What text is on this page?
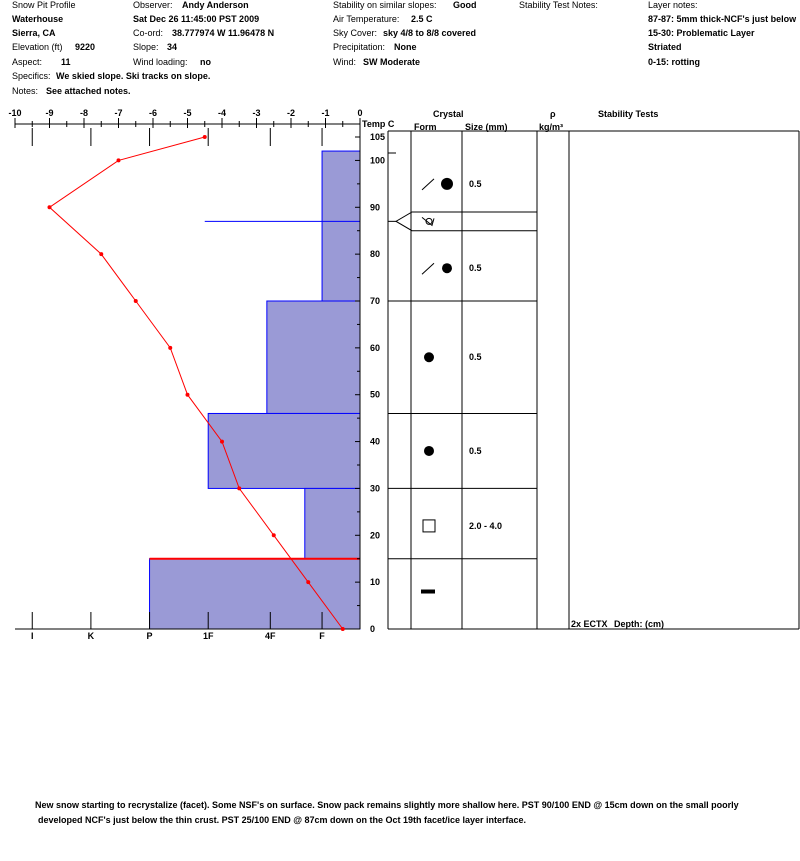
Snow Pit Profile
Waterhouse
Sierra, CA
Elevation (ft) 9220
Aspect: 11
Specifics: We skied slope. Ski tracks on slope.
Notes: See attached notes.
Observer: Andy Anderson
Sat Dec 26 11:45:00 PST 2009
Co-ord: 38.777974 W 11.96478 N
Slope: 34
Wind loading: no
Stability on similar slopes: Good
Air Temperature: 2.5 C
Sky Cover: sky 4/8 to 8/8 covered
Precipitation: None
Wind: SW Moderate
Stability Test Notes:	Layer notes:
87-87: 5mm thick-NCF's just below
15-30: Problematic Layer
Striated
0-15: rotting
-10	-9	-8	-7	-6	-5	-4	-3	-2	-1	0
I	K	P	1F	4F	F
0
10
20
30
40
50
60
70
80
90
100
105
0.5
0.5
0.5
0.5
2.0 - 4.0
Crystal
Form	Size (mm)
ρ
kg/m³
Stability Tests
Temp C
2x ECTX Depth: (cm)
New snow starting to recrystalize (facet). Some NSF's on surface. Snow pack remains slightly more shallow here. PST 90/100 END @ 15cm down on the small poorly
developed NCF's just below the thin crust. PST 25/100 END @ 87cm down on the Oct 19th facet/ice layer interface.
